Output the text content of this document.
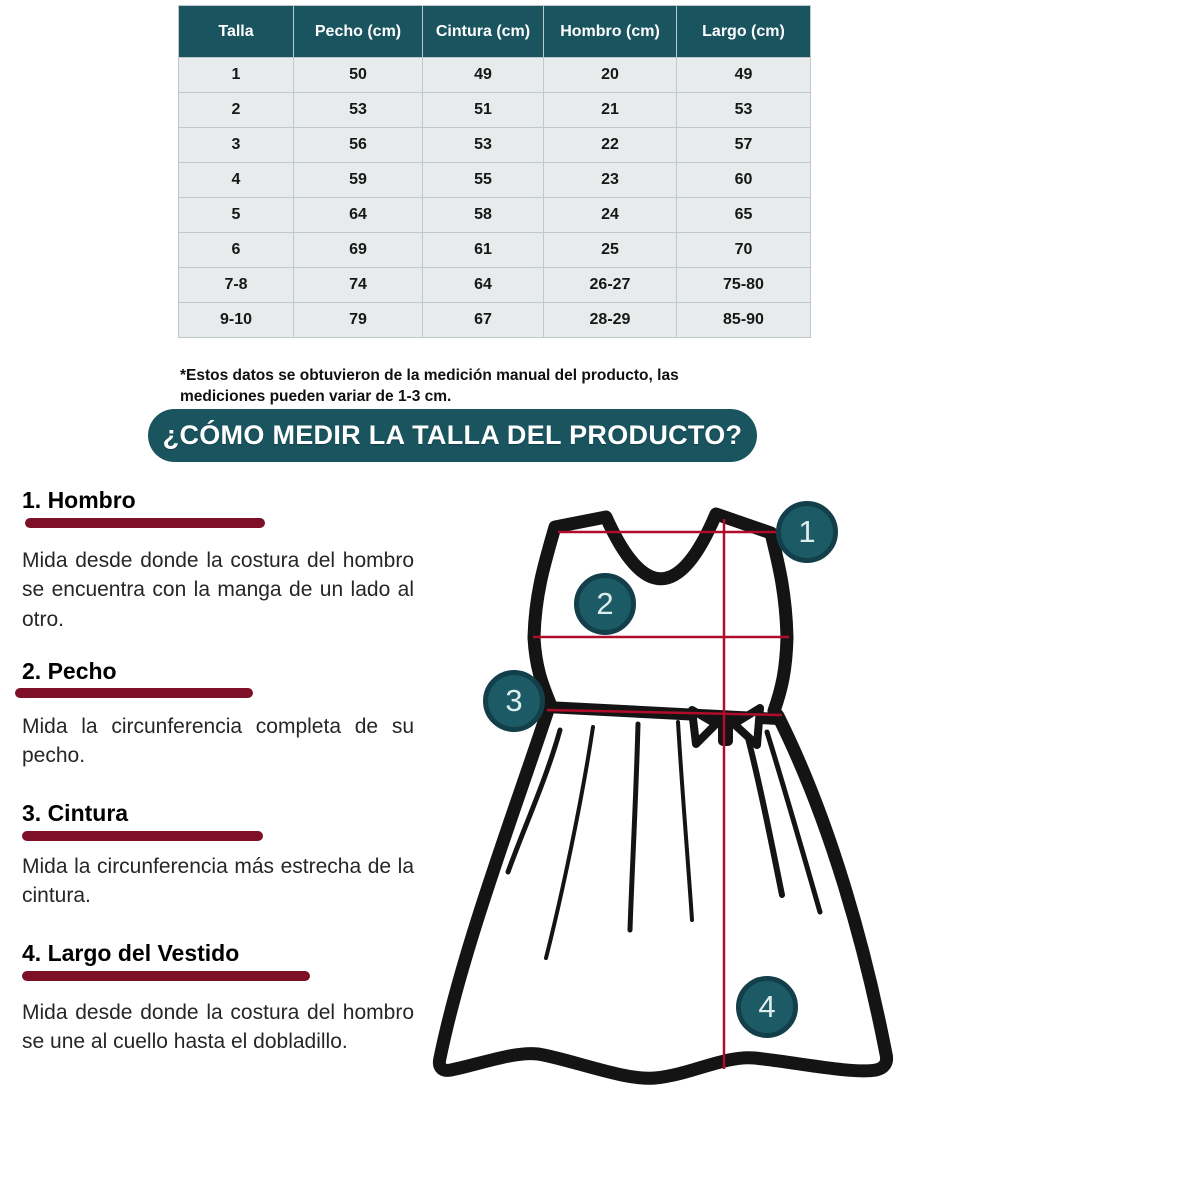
Talla	Pecho (cm)	Cintura (cm)	Hombro (cm)	Largo (cm)
1	50	49	20	49
2	53	51	21	53
3	56	53	22	57
4	59	55	23	60
5	64	58	24	65
6	69	61	25	70
7-8	74	64	26-27	75-80
9-10	79	67	28-29	85-90

*Estos datos se obtuvieron de la medición manual del producto, las mediciones pueden variar de 1-3 cm.

¿CÓMO MEDIR LA TALLA DEL PRODUCTO?
1. Hombro

Mida desde donde la costura del hombro se encuentra con la manga de un lado al otro.

2. Pecho

Mida la circunferencia completa de su pecho.

3. Cintura

Mida la circunferencia más estrecha de la cintura.

4. Largo del Vestido

Mida desde donde la costura del hombro se une al cuello hasta el dobladillo.

1
2
3
4
